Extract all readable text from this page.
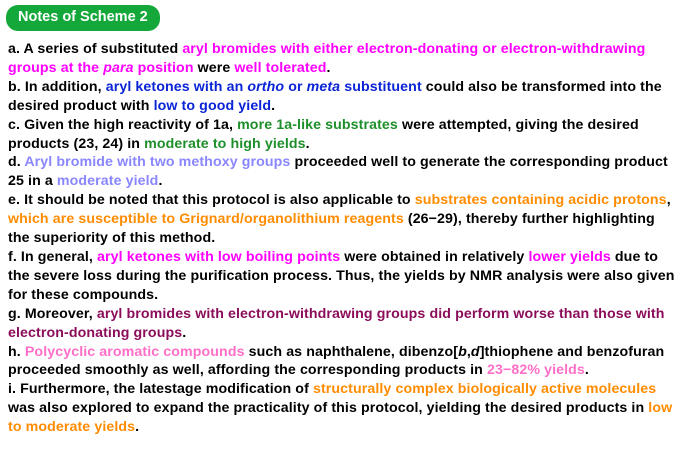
Notes of Scheme 2

a. A series of substituted aryl bromides with either electron-donating or electron-withdrawing groups at the para position were well tolerated.

b. In addition, aryl ketones with an ortho or meta substituent could also be transformed into the desired product with low to good yield.

c. Given the high reactivity of 1a, more 1a-like substrates were attempted, giving the desired products (23, 24) in moderate to high yields.

d. Aryl bromide with two methoxy groups proceeded well to generate the corresponding product 25 in a moderate yield.

e. It should be noted that this protocol is also applicable to substrates containing acidic protons, which are susceptible to Grignard/organolithium reagents (26−29), thereby further highlighting the superiority of this method.

f. In general, aryl ketones with low boiling points were obtained in relatively lower yields due to the severe loss during the purification process. Thus, the yields by NMR analysis were also given for these compounds.

g. Moreover, aryl bromides with electron-withdrawing groups did perform worse than those with electron-donating groups.

h. Polycyclic aromatic compounds such as naphthalene, dibenzo[b,d]thiophene and benzofuran proceeded smoothly as well, affording the corresponding products in 23−82% yields.

i. Furthermore, the latestage modification of structurally complex biologically active molecules was also explored to expand the practicality of this protocol, yielding the desired products in low to moderate yields.
